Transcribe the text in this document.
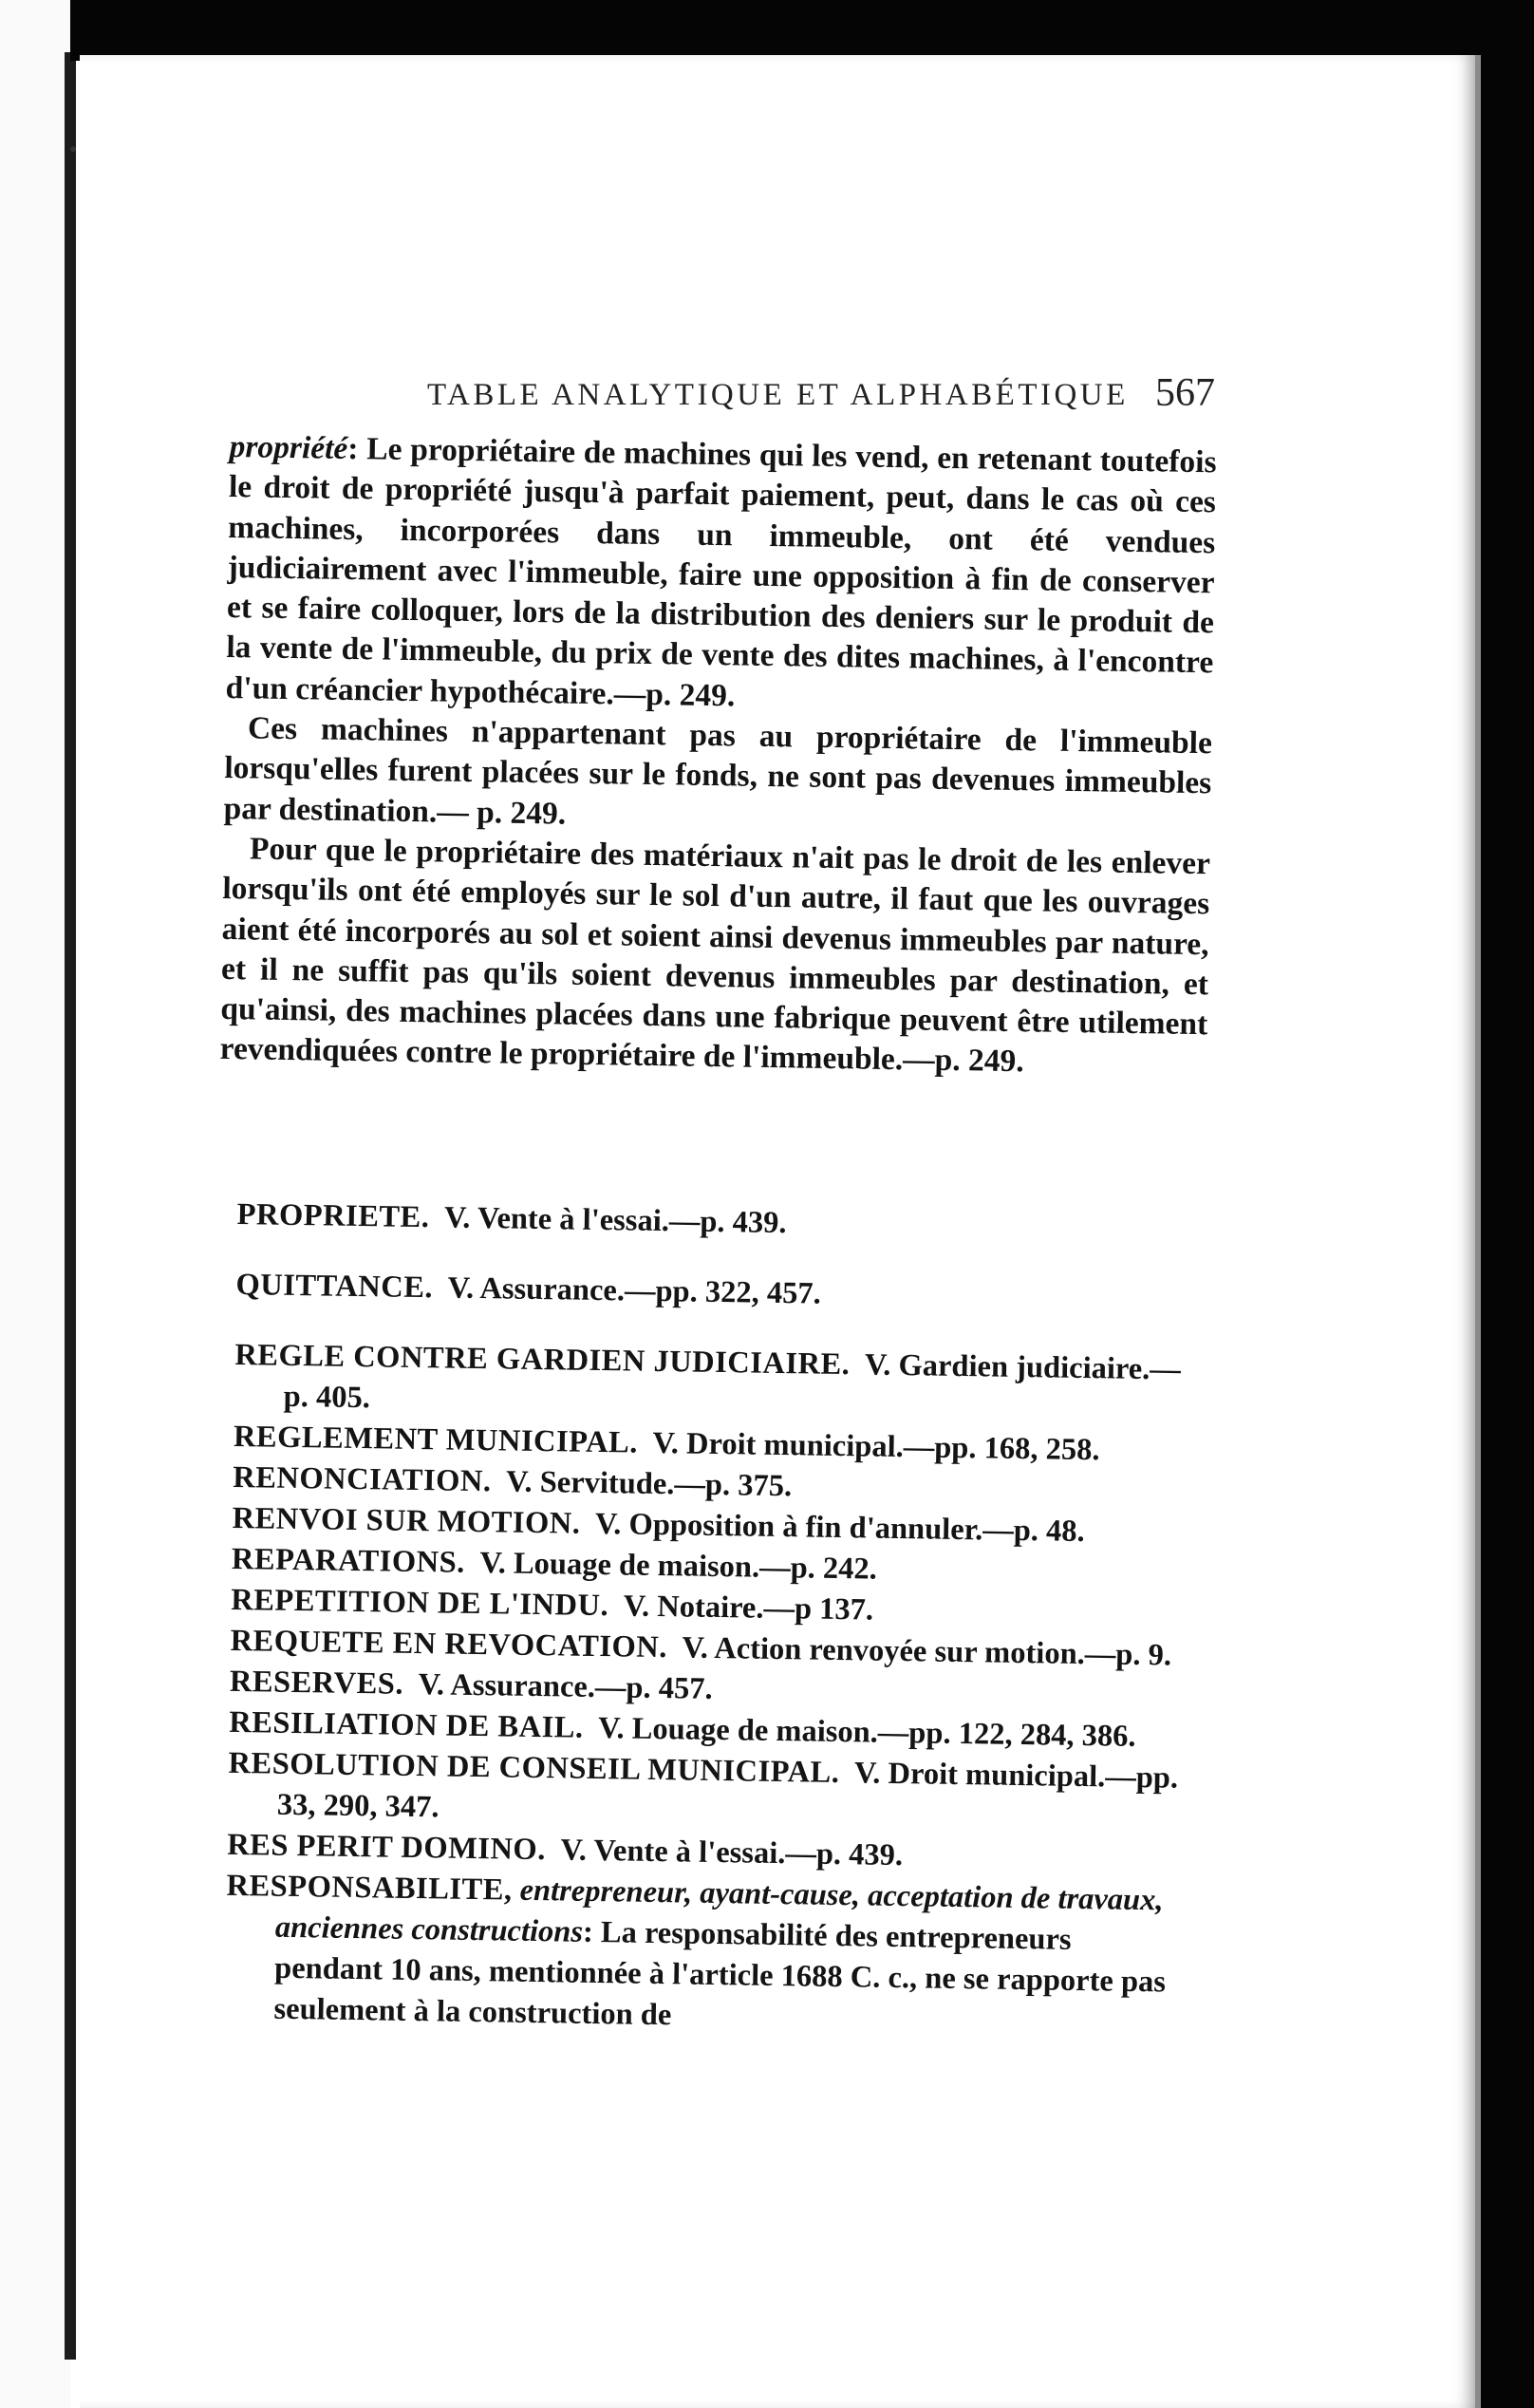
TABLE ANALYTIQUE ET ALPHABÉTIQUE 567

propriété: Le propriétaire de machines qui les vend, en retenant toutefois le droit de propriété jusqu'à parfait paiement, peut, dans le cas où ces machines, incorporées dans un immeuble, ont été vendues judiciairement avec l'immeuble, faire une opposition à fin de conserver et se faire colloquer, lors de la distribution des deniers sur le produit de la vente de l'immeuble, du prix de vente des dites machines, à l'encontre d'un créancier hypothécaire.—p. 249.

Ces machines n'appartenant pas au propriétaire de l'immeuble lorsqu'elles furent placées sur le fonds, ne sont pas devenues immeubles par destination.— p. 249.

Pour que le propriétaire des matériaux n'ait pas le droit de les enlever lorsqu'ils ont été employés sur le sol d'un autre, il faut que les ouvrages aient été incorporés au sol et soient ainsi devenus immeubles par nature, et il ne suffit pas qu'ils soient devenus immeubles par destination, et qu'ainsi, des machines placées dans une fabrique peuvent être utilement revendiquées contre le propriétaire de l'immeuble.—p. 249.

PROPRIETE. V. Vente à l'essai.—p. 439.

QUITTANCE. V. Assurance.—pp. 322, 457.

REGLE CONTRE GARDIEN JUDICIAIRE. V. Gardien judiciaire.—p. 405.

REGLEMENT MUNICIPAL. V. Droit municipal.—pp. 168, 258.

RENONCIATION. V. Servitude.—p. 375.

RENVOI SUR MOTION. V. Opposition à fin d'annuler.—p. 48.

REPARATIONS. V. Louage de maison.—p. 242.

REPETITION DE L'INDU. V. Notaire.—p 137.

REQUETE EN REVOCATION. V. Action renvoyée sur motion.—p. 9.

RESERVES. V. Assurance.—p. 457.

RESILIATION DE BAIL. V. Louage de maison.—pp. 122, 284, 386.

RESOLUTION DE CONSEIL MUNICIPAL. V. Droit municipal.—pp. 33, 290, 347.

RES PERIT DOMINO. V. Vente à l'essai.—p. 439.

RESPONSABILITE, entrepreneur, ayant-cause, acceptation de travaux, anciennes constructions: La responsabilité des entrepreneurs pendant 10 ans, mentionnée à l'article 1688 C. c., ne se rapporte pas seulement à la construction de
